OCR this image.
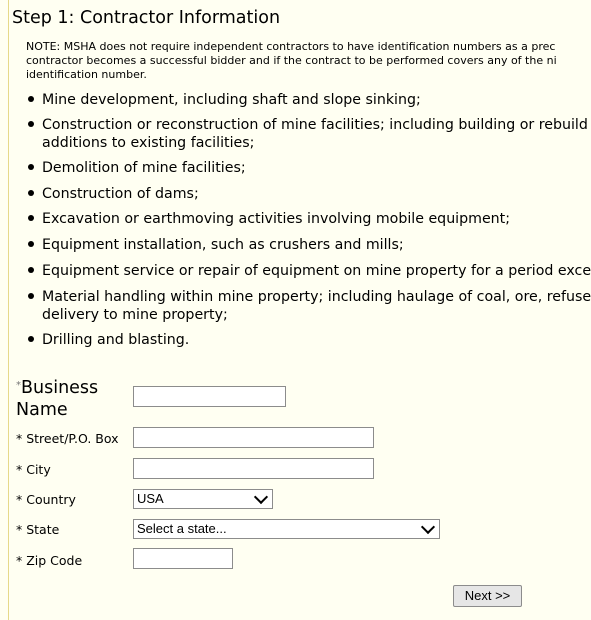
Step 1: Contractor Information
NOTE: MSHA does not require independent contractors to have identification numbers as a prec
contractor becomes a successful bidder and if the contract to be performed covers any of the ni
identification number.
Mine development, including shaft and slope sinking;
Construction or reconstruction of mine facilities; including building or rebuild
additions to existing facilities;
Demolition of mine facilities;
Construction of dams;
Excavation or earthmoving activities involving mobile equipment;
Equipment installation, such as crushers and mills;
Equipment service or repair of equipment on mine property for a period exce
Material handling within mine property; including haulage of coal, ore, refuse
delivery to mine property;
Drilling and blasting.
*Business
Name
* Street/P.O. Box
* City
* Country	USA
* State	Select a state...
* Zip Code
Next >>
